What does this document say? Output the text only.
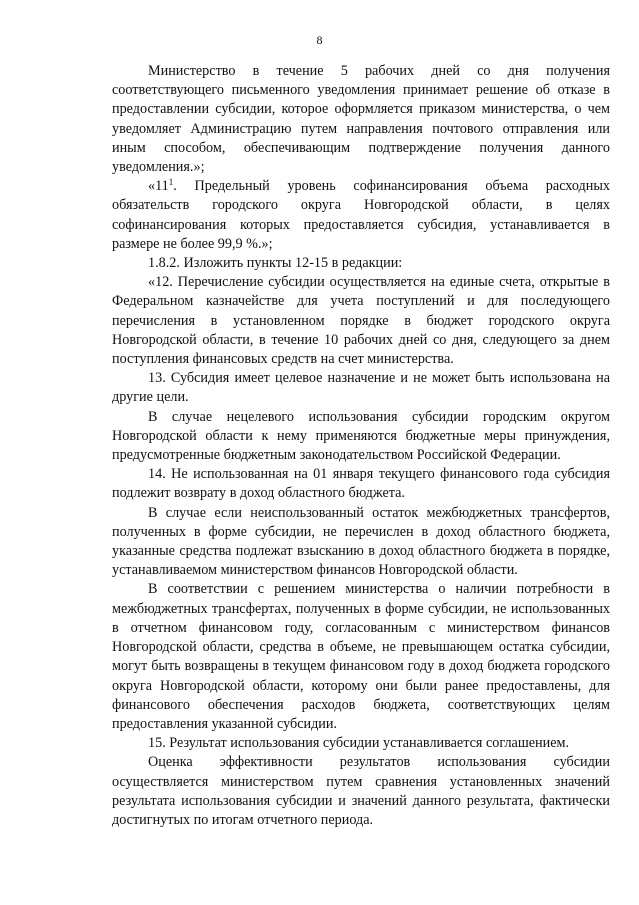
8

Министерство в течение 5 рабочих дней со дня получения соответствующего письменного уведомления принимает решение об отказе в предоставлении субсидии, которое оформляется приказом министерства, о чем уведомляет Администрацию путем направления почтового отправления или иным способом, обеспечивающим подтверждение получения данного уведомления.»;

«$11^1$. Предельный уровень софинансирования объема расходных обязательств городского округа Новгородской области, в целях софинансирования которых предоставляется субсидия, устанавливается в размере не более 99,9 %.»;

1.8.2. Изложить пункты 12-15 в редакции:

«12. Перечисление субсидии осуществляется на единые счета, открытые в Федеральном казначействе для учета поступлений и для последующего перечисления в установленном порядке в бюджет городского округа Новгородской области, в течение 10 рабочих дней со дня, следующего за днем поступления финансовых средств на счет министерства.

13. Субсидия имеет целевое назначение и не может быть использована на другие цели.

В случае нецелевого использования субсидии городским округом Новгородской области к нему применяются бюджетные меры принуждения, предусмотренные бюджетным законодательством Российской Федерации.

14. Не использованная на 01 января текущего финансового года субсидия подлежит возврату в доход областного бюджета.

В случае если неиспользованный остаток межбюджетных трансфертов, полученных в форме субсидии, не перечислен в доход областного бюджета, указанные средства подлежат взысканию в доход областного бюджета в порядке, устанавливаемом министерством финансов Новгородской области.

В соответствии с решением министерства о наличии потребности в межбюджетных трансфертах, полученных в форме субсидии, не использованных в отчетном финансовом году, согласованным с министерством финансов Новгородской области, средства в объеме, не превышающем остатка субсидии, могут быть возвращены в текущем финансовом году в доход бюджета городского округа Новгородской области, которому они были ранее предоставлены, для финансового обеспечения расходов бюджета, соответствующих целям предоставления указанной субсидии.

15. Результат использования субсидии устанавливается соглашением.

Оценка эффективности результатов использования субсидии осуществляется министерством путем сравнения установленных значений результата использования субсидии и значений данного результата, фактически достигнутых по итогам отчетного периода.
